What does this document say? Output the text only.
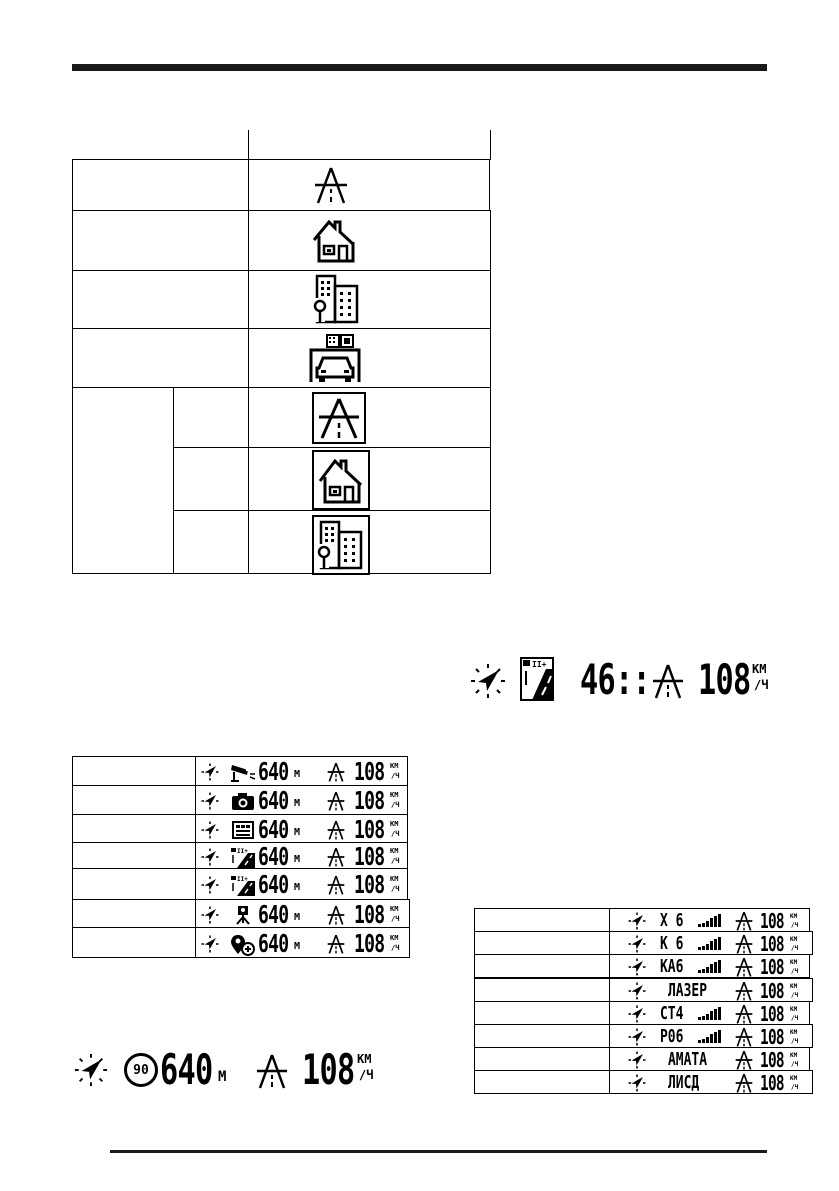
II+ 46:: 108 КМ
/Ч
640 М 108 КМ
/Ч
640 М 108 КМ
/Ч
640 М 108 КМ
/Ч
II+ 640 М 108 КМ
/Ч
II+ 640 М 108 КМ
/Ч
640 М 108 КМ
/Ч
640 М 108 КМ
/Ч
90 640 М 108 КМ
/Ч
Х 6	108 КМ
/Ч
К 6	108 КМ
/Ч
КА6	108 КМ
/Ч
ЛАЗЕР	108 КМ
/Ч
СТ4	108 КМ
/Ч
Р06	108 КМ
/Ч
АМАТА	108 КМ
/Ч
ЛИСД	108 КМ
/Ч
